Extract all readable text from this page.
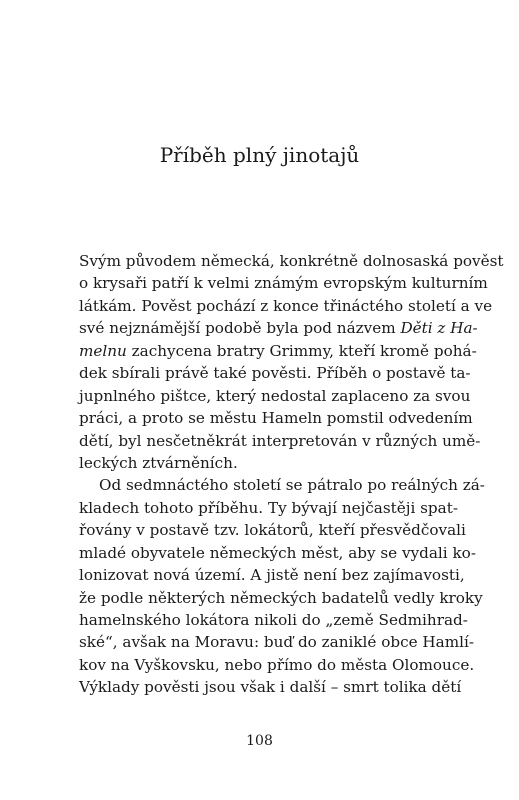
Příběh plný jinotajů
Svým původem německá, konkrétně dolnosaská pověst
o krysaři patří k velmi známým evropským kulturním
látkám. Pověst pochází z konce třináctého století a ve
své nejznámější podobě byla pod názvem Děti z Ha-
melnu zachycena bratry Grimmy, kteří kromě pohá-
dek sbírali právě také pověsti. Příběh o postavě ta-
jupnlného pištce, který nedostal zaplaceno za svou
práci, a proto se městu Hameln pomstil odvedením
dětí, byl nesčetněkrát interpretován v různých umě-
leckých ztvárněních.
Od sedmnáctého století se pátralo po reálných zá-
kladech tohoto příběhu. Ty bývají nejčastěji spat-
řovány v postavě tzv. lokátorů, kteří přesvědčovali
mladé obyvatele německých měst, aby se vydali ko-
lonizovat nová území. A jistě není bez zajímavosti,
že podle některých německých badatelů vedly kroky
hamelnského lokátora nikoli do „země Sedmihrad-
ské“, avšak na Moravu: buď do zaniklé obce Hamlí-
kov na Vyškovsku, nebo přímo do města Olomouce.
Výklady pověsti jsou však i další – smrt tolika dětí
108
